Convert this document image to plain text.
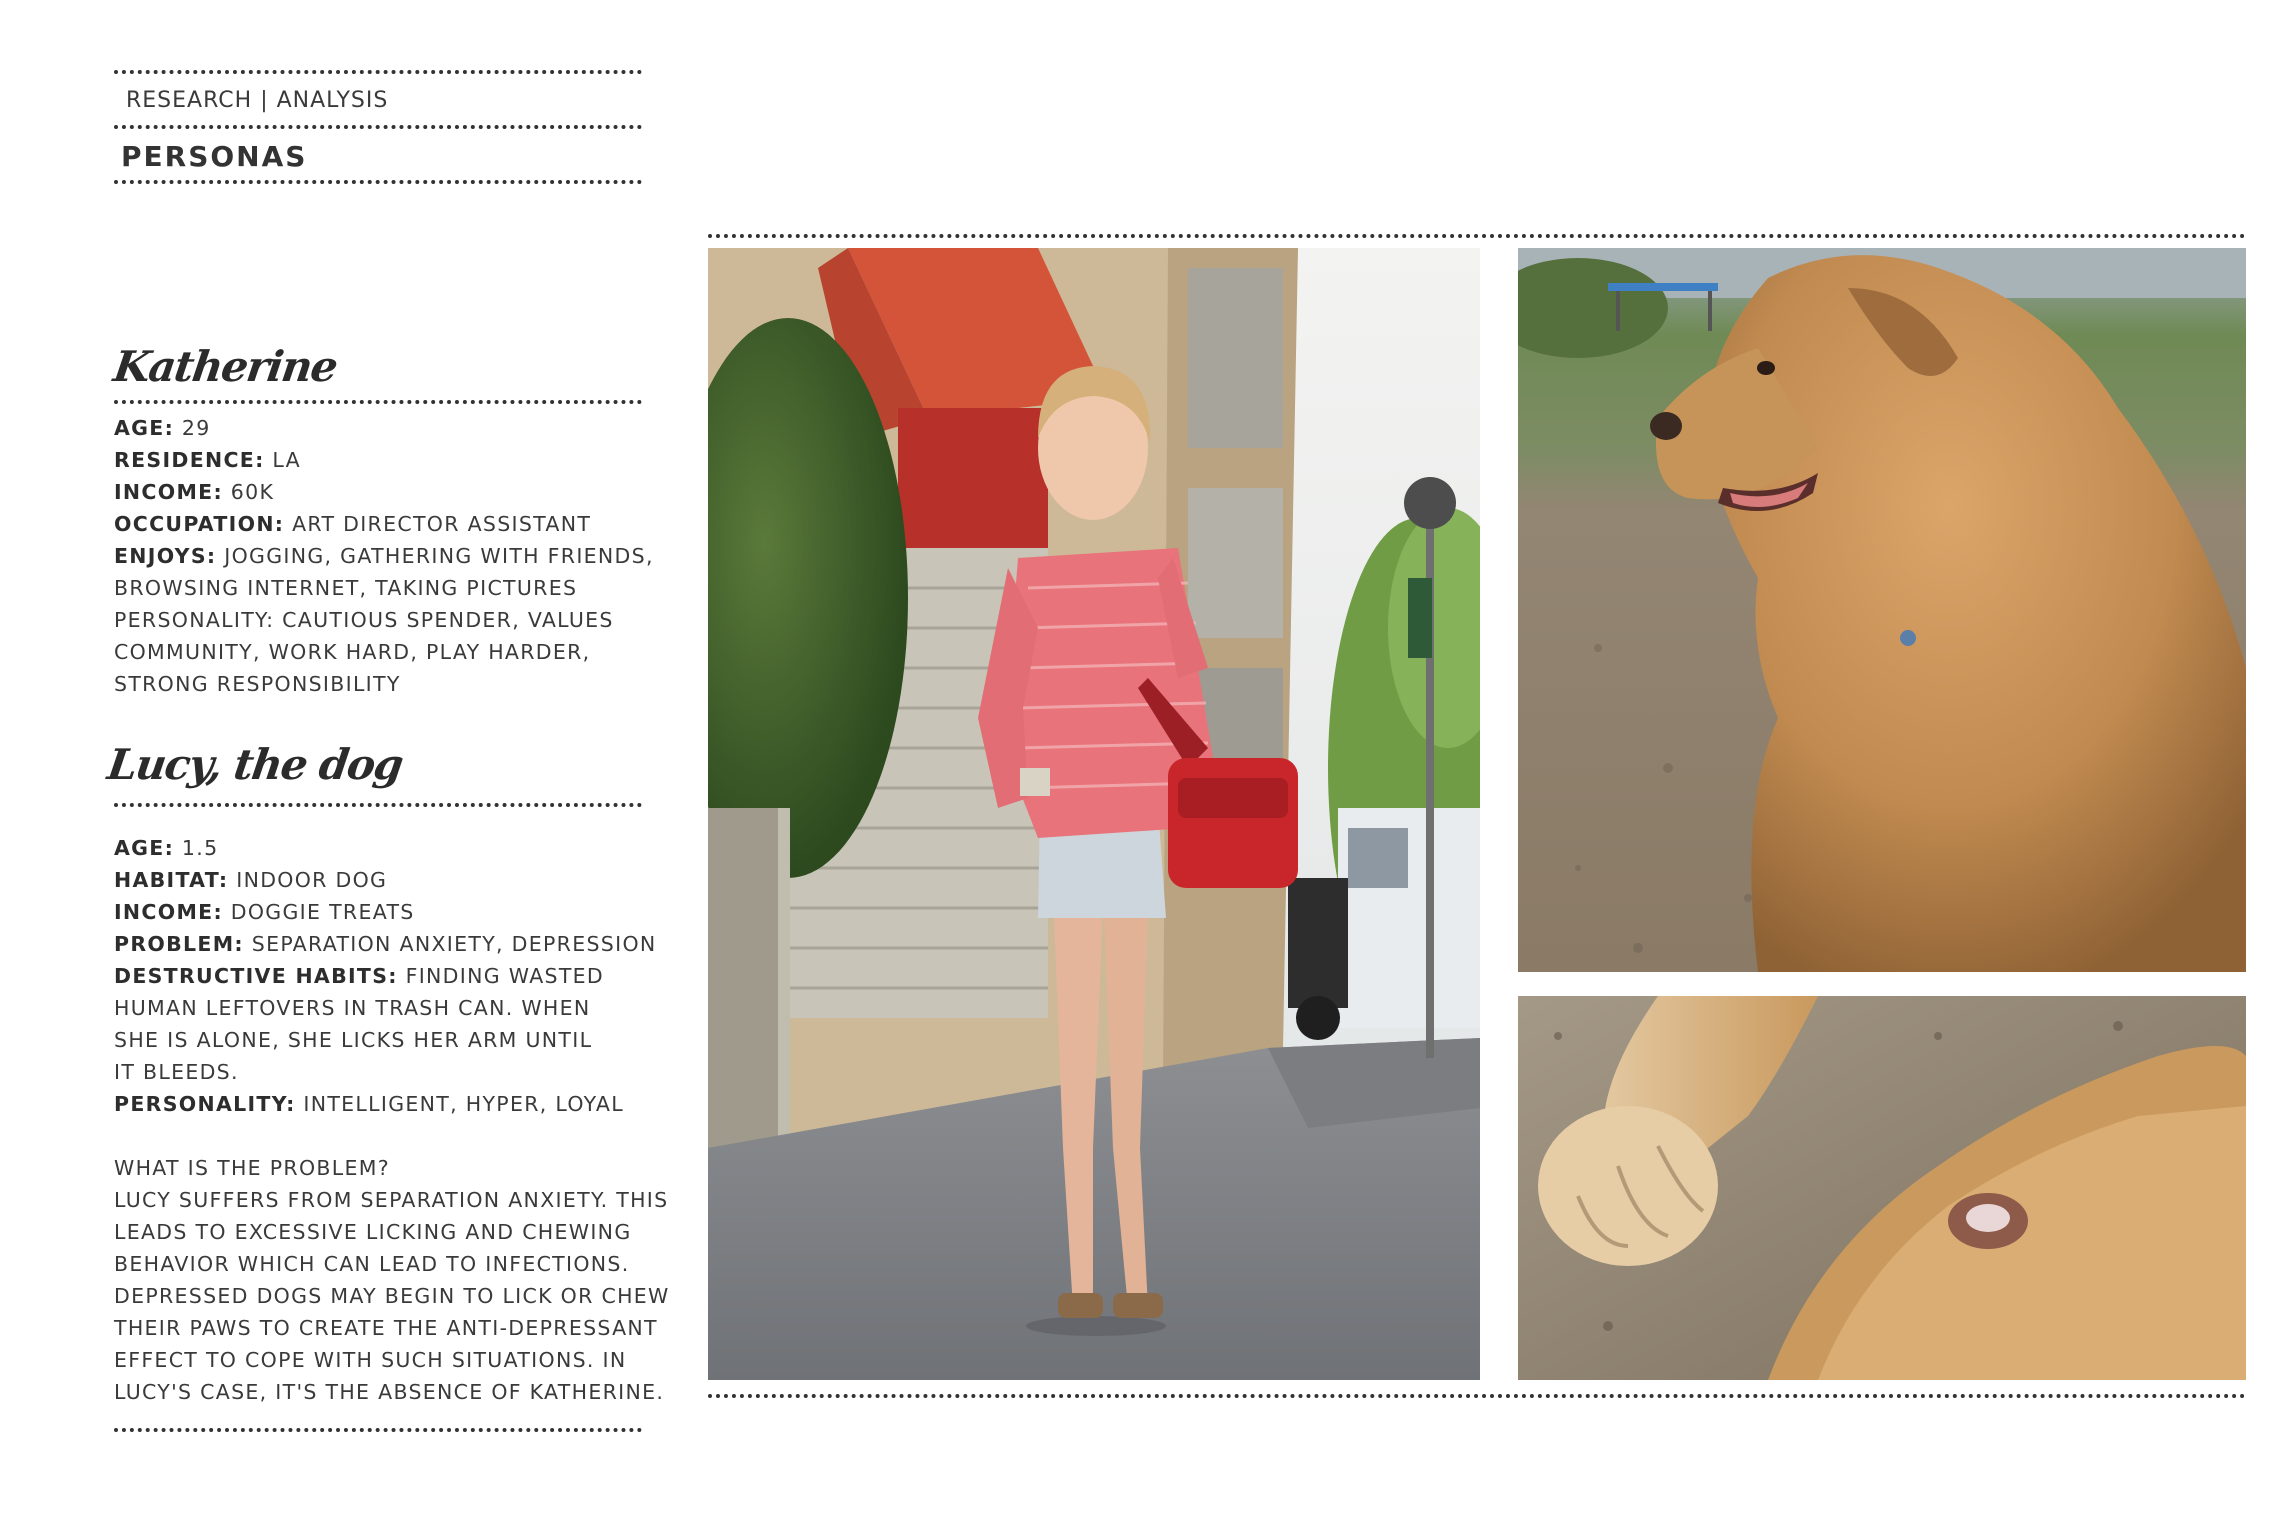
RESEARCH | ANALYSIS
PERSONAS
Katherine
AGE: 29
RESIDENCE: LA
INCOME: 60K
OCCUPATION: ART DIRECTOR ASSISTANT
ENJOYS: JOGGING, GATHERING WITH FRIENDS,
BROWSING INTERNET, TAKING PICTURES
PERSONALITY: CAUTIOUS SPENDER, VALUES
COMMUNITY, WORK HARD, PLAY HARDER,
STRONG RESPONSIBILITY
Lucy, the dog
AGE: 1.5
HABITAT: INDOOR DOG
INCOME: DOGGIE TREATS
PROBLEM: SEPARATION ANXIETY, DEPRESSION
DESTRUCTIVE HABITS: FINDING WASTED
HUMAN LEFTOVERS IN TRASH CAN. WHEN
SHE IS ALONE, SHE LICKS HER ARM UNTIL
IT BLEEDS.
PERSONALITY: INTELLIGENT, HYPER, LOYAL
WHAT IS THE PROBLEM?
LUCY SUFFERS FROM SEPARATION ANXIETY. THIS
LEADS TO EXCESSIVE LICKING AND CHEWING
BEHAVIOR WHICH CAN LEAD TO INFECTIONS.
DEPRESSED DOGS MAY BEGIN TO LICK OR CHEW
THEIR PAWS TO CREATE THE ANTI-DEPRESSANT
EFFECT TO COPE WITH SUCH SITUATIONS. IN
LUCY'S CASE, IT'S THE ABSENCE OF KATHERINE.
